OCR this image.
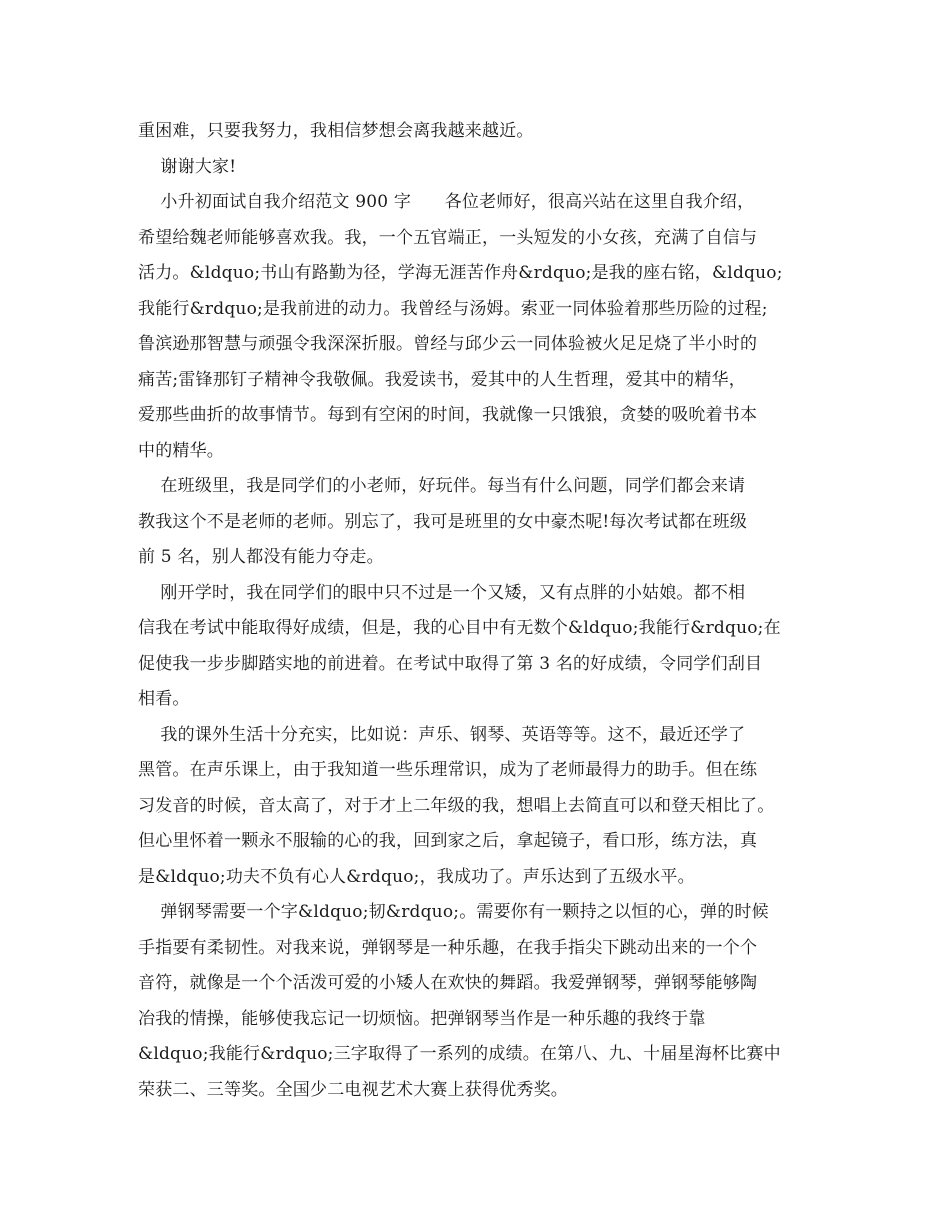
重困难，只要我努力，我相信梦想会离我越来越近。
谢谢大家!
小升初面试自我介绍范文 900 字      各位老师好，很高兴站在这里自我介绍，
希望给魏老师能够喜欢我。我，一个五官端正，一头短发的小女孩，充满了自信与
活力。&ldquo;书山有路勤为径，学海无涯苦作舟&rdquo;是我的座右铭，&ldquo;
我能行&rdquo;是我前进的动力。我曾经与汤姆。索亚一同体验着那些历险的过程;
鲁滨逊那智慧与顽强令我深深折服。曾经与邱少云一同体验被火足足烧了半小时的
痛苦;雷锋那钉子精神令我敬佩。我爱读书，爱其中的人生哲理，爱其中的精华，
爱那些曲折的故事情节。每到有空闲的时间，我就像一只饿狼，贪婪的吸吮着书本
中的精华。
在班级里，我是同学们的小老师，好玩伴。每当有什么问题，同学们都会来请
教我这个不是老师的老师。别忘了，我可是班里的女中豪杰呢!每次考试都在班级
前 5 名，别人都没有能力夺走。
刚开学时，我在同学们的眼中只不过是一个又矮，又有点胖的小姑娘。都不相
信我在考试中能取得好成绩，但是，我的心目中有无数个&ldquo;我能行&rdquo;在
促使我一步步脚踏实地的前进着。在考试中取得了第 3 名的好成绩，令同学们刮目
相看。
我的课外生活十分充实，比如说：声乐、钢琴、英语等等。这不，最近还学了
黑管。在声乐课上，由于我知道一些乐理常识，成为了老师最得力的助手。但在练
习发音的时候，音太高了，对于才上二年级的我，想唱上去简直可以和登天相比了。
但心里怀着一颗永不服输的心的我，回到家之后，拿起镜子，看口形，练方法，真
是&ldquo;功夫不负有心人&rdquo;，我成功了。声乐达到了五级水平。
弹钢琴需要一个字&ldquo;韧&rdquo;。需要你有一颗持之以恒的心，弹的时候
手指要有柔韧性。对我来说，弹钢琴是一种乐趣，在我手指尖下跳动出来的一个个
音符，就像是一个个活泼可爱的小矮人在欢快的舞蹈。我爱弹钢琴，弹钢琴能够陶
冶我的情操，能够使我忘记一切烦恼。把弹钢琴当作是一种乐趣的我终于靠
&ldquo;我能行&rdquo;三字取得了一系列的成绩。在第八、九、十届星海杯比赛中
荣获二、三等奖。全国少二电视艺术大赛上获得优秀奖。
